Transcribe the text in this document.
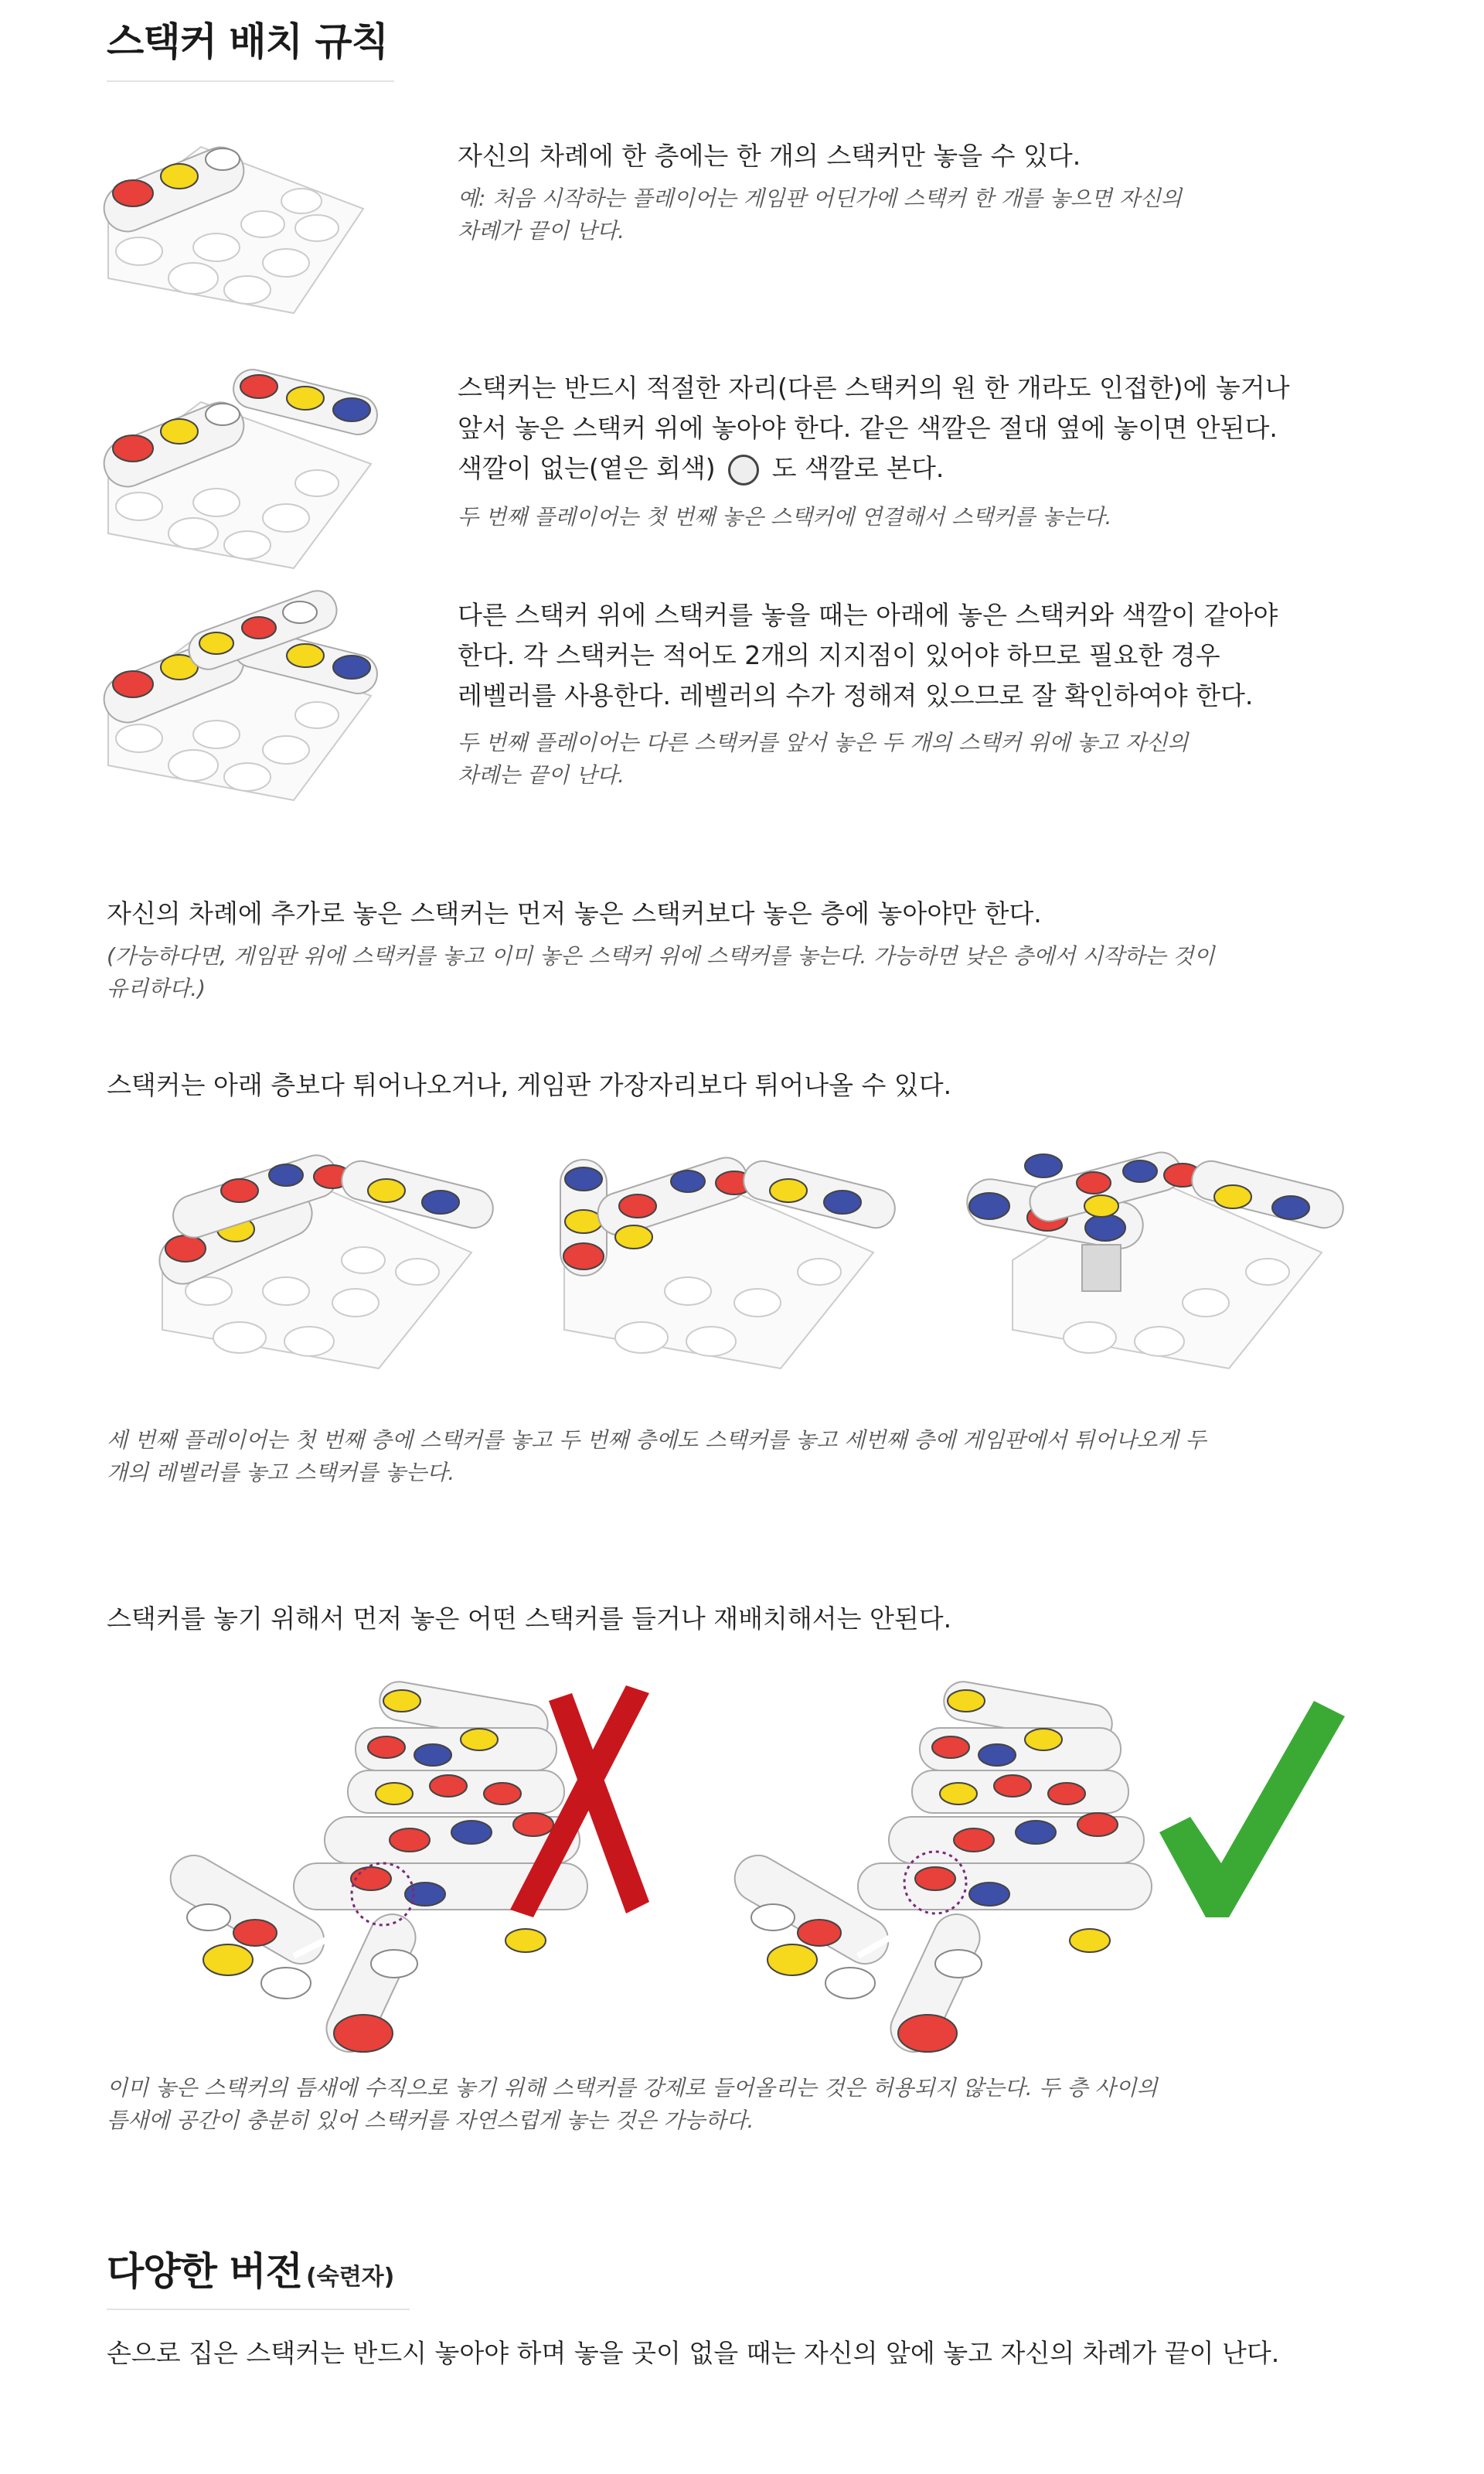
스택커 배치 규칙
자신의 차례에 한 층에는 한 개의 스택커만 놓을 수 있다.
예: 처음 시작하는 플레이어는 게임판 어딘가에 스택커 한 개를 놓으면 자신의
차례가 끝이 난다.
스택커는 반드시 적절한 자리(다른 스택커의 원 한 개라도 인접한)에 놓거나
앞서 놓은 스택커 위에 놓아야 한다. 같은 색깔은 절대 옆에 놓이면 안된다.
색깔이 없는(옅은 회색) 도 색깔로 본다.
두 번째 플레이어는 첫 번째 놓은 스택커에 연결해서 스택커를 놓는다.
다른 스택커 위에 스택커를 놓을 때는 아래에 놓은 스택커와 색깔이 같아야
한다. 각 스택커는 적어도 2개의 지지점이 있어야 하므로 필요한 경우
레벨러를 사용한다. 레벨러의 수가 정해져 있으므로 잘 확인하여야 한다.
두 번째 플레이어는 다른 스택커를 앞서 놓은 두 개의 스택커 위에 놓고 자신의
차례는 끝이 난다.
자신의 차례에 추가로 놓은 스택커는 먼저 놓은 스택커보다 놓은 층에 놓아야만 한다.
(가능하다면, 게임판 위에 스택커를 놓고 이미 놓은 스택커 위에 스택커를 놓는다. 가능하면 낮은 층에서 시작하는 것이
유리하다.)
스택커는 아래 층보다 튀어나오거나, 게임판 가장자리보다 튀어나올 수 있다.
세 번째 플레이어는 첫 번째 층에 스택커를 놓고 두 번째 층에도 스택커를 놓고 세번째 층에 게임판에서 튀어나오게 두
개의 레벨러를 놓고 스택커를 놓는다.
스택커를 놓기 위해서 먼저 놓은 어떤 스택커를 들거나 재배치해서는 안된다.
이미 놓은 스택커의 틈새에 수직으로 놓기 위해 스택커를 강제로 들어올리는 것은 허용되지 않는다. 두 층 사이의
틈새에 공간이 충분히 있어 스택커를 자연스럽게 놓는 것은 가능하다.
다양한 버전 (숙련자)
손으로 집은 스택커는 반드시 놓아야 하며 놓을 곳이 없을 때는 자신의 앞에 놓고 자신의 차례가 끝이 난다.
